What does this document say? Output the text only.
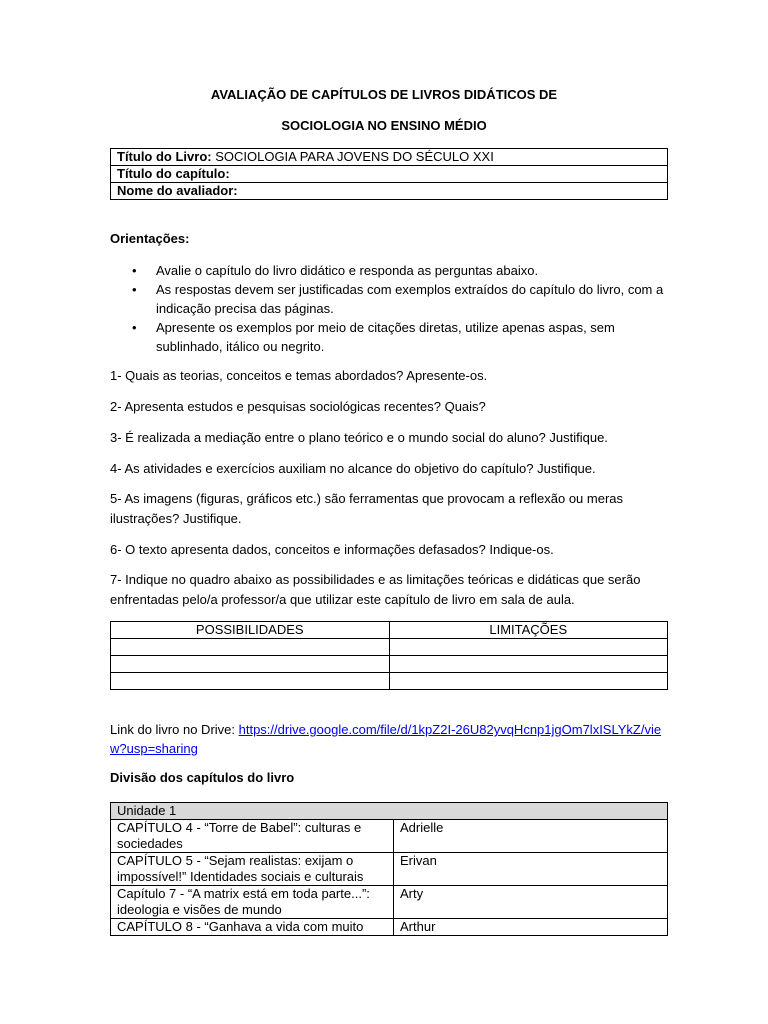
AVALIAÇÃO DE CAPÍTULOS DE LIVROS DIDÁTICOS DE
SOCIOLOGIA NO ENSINO MÉDIO
Título do Livro: SOCIOLOGIA PARA JOVENS DO SÉCULO XXI
Título do capítulo:
Nome do avaliador:
Orientações:
• Avalie o capítulo do livro didático e responda as perguntas abaixo.
• As respostas devem ser justificadas com exemplos extraídos do capítulo do livro, com a indicação precisa das páginas.
• Apresente os exemplos por meio de citações diretas, utilize apenas aspas, sem sublinhado, itálico ou negrito.
1- Quais as teorias, conceitos e temas abordados? Apresente-os.
2- Apresenta estudos e pesquisas sociológicas recentes? Quais?
3- É realizada a mediação entre o plano teórico e o mundo social do aluno? Justifique.
4- As atividades e exercícios auxiliam no alcance do objetivo do capítulo? Justifique.
5- As imagens (figuras, gráficos etc.) são ferramentas que provocam a reflexão ou meras ilustrações? Justifique.
6- O texto apresenta dados, conceitos e informações defasados? Indique-os.
7- Indique no quadro abaixo as possibilidades e as limitações teóricas e didáticas que serão enfrentadas pelo/a professor/a que utilizar este capítulo de livro em sala de aula.
POSSIBILIDADES	LIMITAÇÕES

Link do livro no Drive: https://drive.google.com/file/d/1kpZ2I-26U82yvqHcnp1jgOm7lxISLYkZ/view?usp=sharing
Divisão dos capítulos do livro
Unidade 1	
CAPÍTULO 4 - “Torre de Babel”: culturas e sociedades	Adrielle
CAPÍTULO 5 - “Sejam realistas: exijam o impossível!” Identidades sociais e culturais	Erivan
Capítulo 7 - “A matrix está em toda parte...”: ideologia e visões de mundo	Arty
CAPÍTULO 8 - “Ganhava a vida com muito	Arthur
